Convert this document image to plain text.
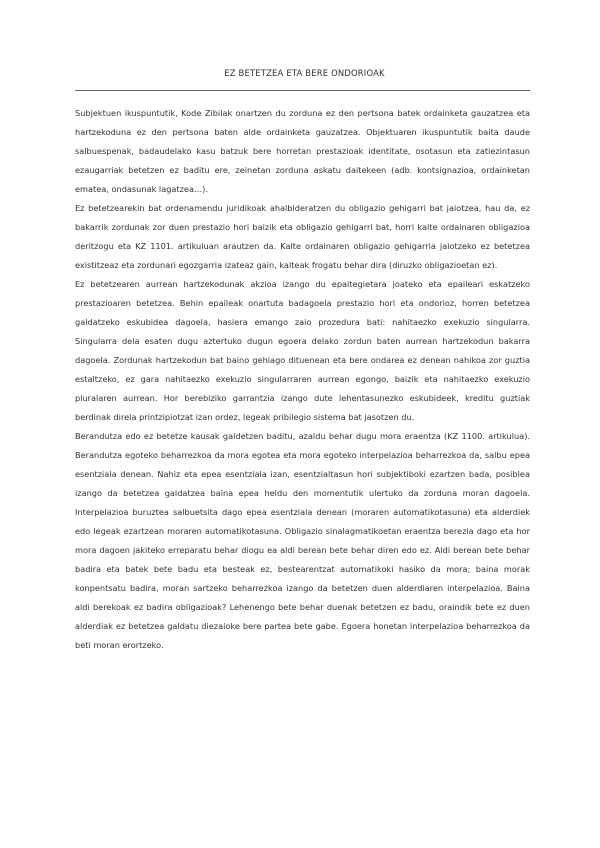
EZ BETETZEA ETA BERE ONDORIOAK

Subjektuen ikuspuntutik, Kode Zibilak onartzen du zorduna ez den pertsona batek ordainketa gauzatzea eta hartzekoduna ez den pertsona baten alde ordainketa gauzatzea. Objektuaren ikuspuntutik baita daude salbuespenak, badaudelako kasu batzuk bere horretan prestazioak identitate, osotasun eta zatiezintasun ezaugarriak betetzen ez baditu ere, zeinetan zorduna askatu daitekeen (adb. kontsignazioa, ordainketan ematea, ondasunak lagatzea…).

Ez betetzearekin bat ordenamendu juridikoak ahalbideratzen du obligazio gehigarri bat jaiotzea, hau da, ez bakarrik zordunak zor duen prestazio hori baizik eta obligazio gehigarri bat, horri kalte ordainaren obligazioa deritzogu eta KZ 1101. artikuluan arautzen da. Kalte ordainaren obligazio gehigarria jaiotzeko ez betetzea existitzeaz eta zordunari egozgarria izateaz gain, kalteak frogatu behar dira (diruzko obligazioetan ez).

Ez betetzearen aurrean hartzekodunak akzioa izango du epaitegietara joateko eta epaileari eskatzeko prestazioaren betetzea. Behin epaileak onartuta badagoela prestazio hori eta ondorioz, horren betetzea galdatzeko eskubidea dagoela, hasiera emango zaio prozedura bati: nahitaezko exekuzio singularra. Singularra dela esaten dugu aztertuko dugun egoera delako zordun baten aurrean hartzekodun bakarra dagoela. Zordunak hartzekodun bat baino gehiago dituenean eta bere ondarea ez denean nahikoa zor guztia estaltzeko, ez gara nahitaezko exekuzio singularraren aurrean egongo, baizik eta nahitaezko exekuzio pluralaren aurrean. Hor berebiziko garrantzia izango dute lehentasunezko eskubideek, kreditu guztiak berdinak direla printzipiotzat izan ordez, legeak pribilegio sistema bat jasotzen du.

Berandutza edo ez betetze kausak galdetzen baditu, azaldu behar dugu mora eraentza (KZ 1100. artikulua). Berandutza egoteko beharrezkoa da mora egotea eta mora egoteko interpelazioa beharrezkoa da, salbu epea esentziala denean. Nahiz eta epea esentziala izan, esentzialtasun hori subjektiboki ezartzen bada, posiblea izango da betetzea galdatzea baina epea heldu den momentutik ulertuko da zorduna moran dagoela. Interpelazioa buruztea salbuetsita dago epea esentziala denean (moraren automatikotasuna) eta alderdiek edo legeak ezartzean moraren automatikotasuna. Obligazio sinalagmatikoetan eraentza berezia dago eta hor mora dagoen jakiteko erreparatu behar diogu ea aldi berean bete behar diren edo ez. Aldi berean bete behar badira eta batek bete badu eta besteak ez, bestearentzat automatikoki hasiko da mora; baina morak konpentsatu badira, moran sartzeko beharrezkoa izango da betetzen duen alderdiaren interpelazioa. Baina aldi berekoak ez badira obligazioak? Lehenengo bete behar duenak betetzen ez badu, oraindik bete ez duen alderdiak ez betetzea galdatu diezaioke bere partea bete gabe. Egoera honetan interpelazioa beharrezkoa da beti moran erortzeko.
